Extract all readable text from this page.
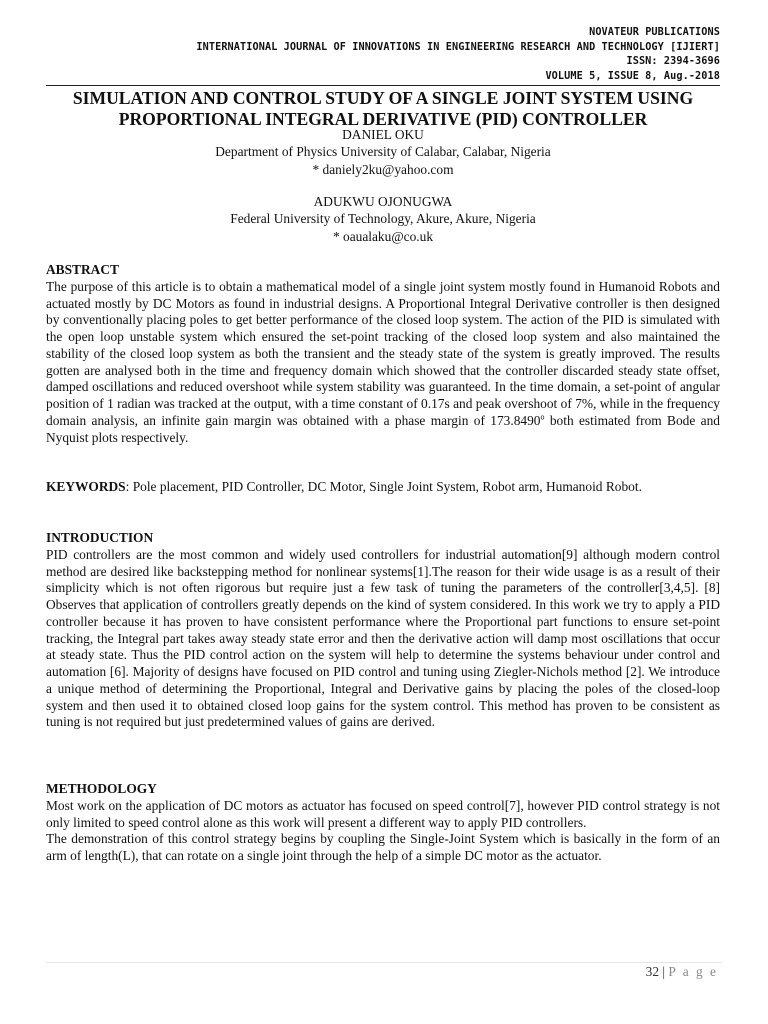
NOVATEUR PUBLICATIONS
INTERNATIONAL JOURNAL OF INNOVATIONS IN ENGINEERING RESEARCH AND TECHNOLOGY [IJIERT]
ISSN: 2394-3696
VOLUME 5, ISSUE 8, Aug.-2018
SIMULATION AND CONTROL STUDY OF A SINGLE JOINT SYSTEM USING
PROPORTIONAL INTEGRAL DERIVATIVE (PID) CONTROLLER
DANIEL OKU
Department of Physics University of Calabar, Calabar, Nigeria
* daniely2ku@yahoo.com
ADUKWU OJONUGWA
Federal University of Technology, Akure, Akure, Nigeria
* oaualaku@co.uk
ABSTRACT

The purpose of this article is to obtain a mathematical model of a single joint system mostly found in Humanoid Robots and actuated mostly by DC Motors as found in industrial designs. A Proportional Integral Derivative controller is then designed by conventionally placing poles to get better performance of the closed loop system. The action of the PID is simulated with the open loop unstable system which ensured the set-point tracking of the closed loop system and also maintained the stability of the closed loop system as both the transient and the steady state of the system is greatly improved. The results gotten are analysed both in the time and frequency domain which showed that the controller discarded steady state offset, damped oscillations and reduced overshoot while system stability was guaranteed. In the time domain, a set-point of angular position of 1 radian was tracked at the output, with a time constant of 0.17s and peak overshoot of 7%, while in the frequency domain analysis, an infinite gain margin was obtained with a phase margin of 173.8490$^o$ both estimated from Bode and Nyquist plots respectively.

KEYWORDS: Pole placement, PID Controller, DC Motor, Single Joint System, Robot arm, Humanoid Robot.

INTRODUCTION

PID controllers are the most common and widely used controllers for industrial automation[9] although modern control method are desired like backstepping method for nonlinear systems[1].The reason for their wide usage is as a result of their simplicity which is not often rigorous but require just a few task of tuning the parameters of the controller[3,4,5]. [8] Observes that application of controllers greatly depends on the kind of system considered. In this work we try to apply a PID controller because it has proven to have consistent performance where the Proportional part functions to ensure set-point tracking, the Integral part takes away steady state error and then the derivative action will damp most oscillations that occur at steady state. Thus the PID control action on the system will help to determine the systems behaviour under control and automation [6]. Majority of designs have focused on PID control and tuning using Ziegler-Nichols method [2]. We introduce a unique method of determining the Proportional, Integral and Derivative gains by placing the poles of the closed-loop system and then used it to obtained closed loop gains for the system control. This method has proven to be consistent as tuning is not required but just predetermined values of gains are derived.

METHODOLOGY

Most work on the application of DC motors as actuator has focused on speed control[7], however PID control strategy is not only limited to speed control alone as this work will present a different way to apply PID controllers.

The demonstration of this control strategy begins by coupling the Single-Joint System which is basically in the form of an arm of length(L), that can rotate on a single joint through the help of a simple DC motor as the actuator.

32 | P a g e
